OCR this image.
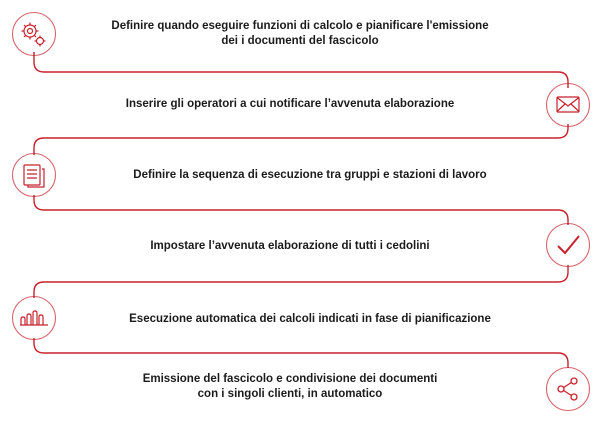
Definire quando eseguire funzioni di calcolo e pianificare l'emissione
dei i documenti del fascicolo
Inserire gli operatori a cui notificare l’avvenuta elaborazione
Definire la sequenza di esecuzione tra gruppi e stazioni di lavoro
Impostare l’avvenuta elaborazione di tutti i cedolini
Esecuzione automatica dei calcoli indicati in fase di pianificazione
Emissione del fascicolo e condivisione dei documenti
con i singoli clienti, in automatico
